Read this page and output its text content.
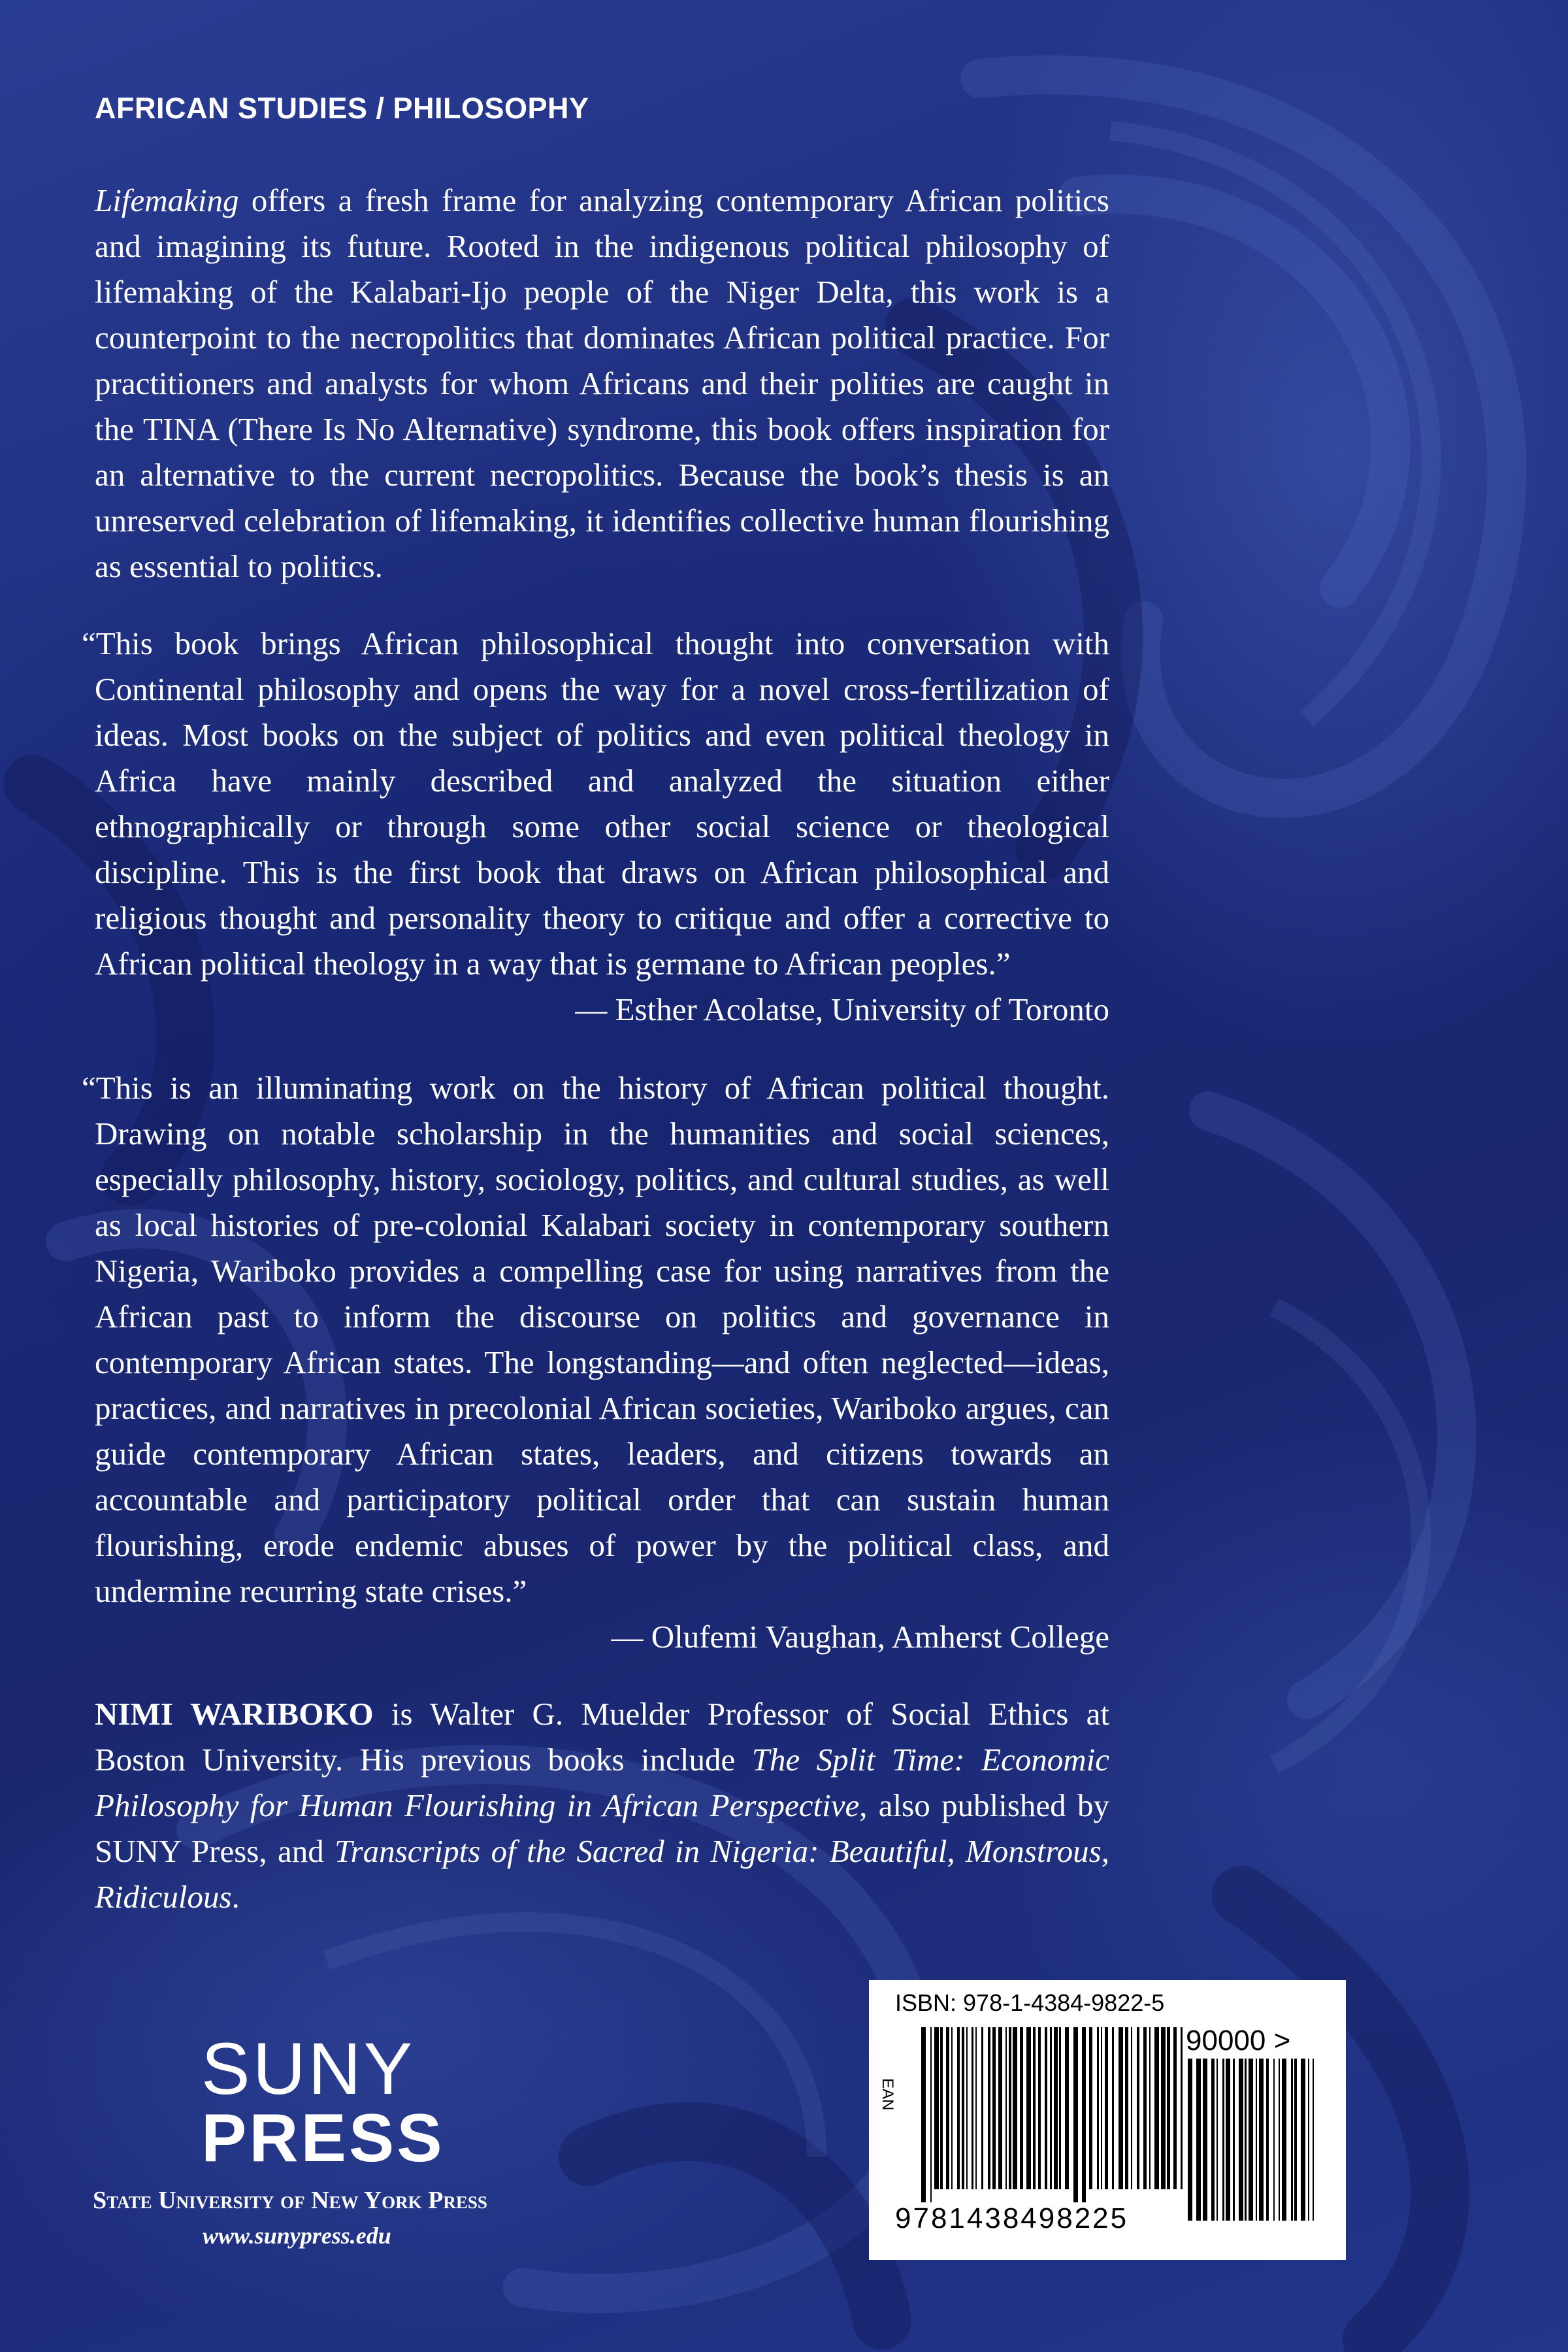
AFRICAN STUDIES / PHILOSOPHY
Lifemaking offers a fresh frame for analyzing contemporary African politics and imagining its future. Rooted in the indigenous political philosophy of lifemaking of the Kalabari-Ijo people of the Niger Delta, this work is a counterpoint to the necropolitics that dominates African political practice. For practitioners and analysts for whom Africans and their polities are caught in the TINA (There Is No Alternative) syndrome, this book offers inspiration for an alternative to the current necropolitics. Because the book’s thesis is an unreserved celebration of lifemaking, it identifies collective human flourishing as essential to politics.
“This book brings African philosophical thought into conversation with Continental philosophy and opens the way for a novel cross-fertilization of ideas. Most books on the subject of politics and even political theology in Africa have mainly described and analyzed the situation either ethnographically or through some other social science or theological discipline. This is the first book that draws on African philosophical and religious thought and personality theory to critique and offer a corrective to African political theology in a way that is germane to African peoples.”
— Esther Acolatse, University of Toronto
“This is an illuminating work on the history of African political thought. Drawing on notable scholarship in the humanities and social sciences, especially philosophy, history, sociology, politics, and cultural studies, as well as local histories of pre-colonial Kalabari society in contemporary southern Nigeria, Wariboko provides a compelling case for using narratives from the African past to inform the discourse on politics and governance in contemporary African states. The longstanding—and often neglected—ideas, practices, and narratives in precolonial African societies, Wariboko argues, can guide contemporary African states, leaders, and citizens towards an accountable and participatory political order that can sustain human flourishing, erode endemic abuses of power by the political class, and undermine recurring state crises.”
— Olufemi Vaughan, Amherst College
NIMI WARIBOKO is Walter G. Muelder Professor of Social Ethics at Boston University. His previous books include The Split Time: Economic Philosophy for Human Flourishing in African Perspective, also published by SUNY Press, and Transcripts of the Sacred in Nigeria: Beautiful, Monstrous, Ridiculous.
SUNY
PRESS
State University of New York Press
www.sunypress.edu
ISBN: 978-1-4384-9822-5
EAN
9781438498225
90000 >
